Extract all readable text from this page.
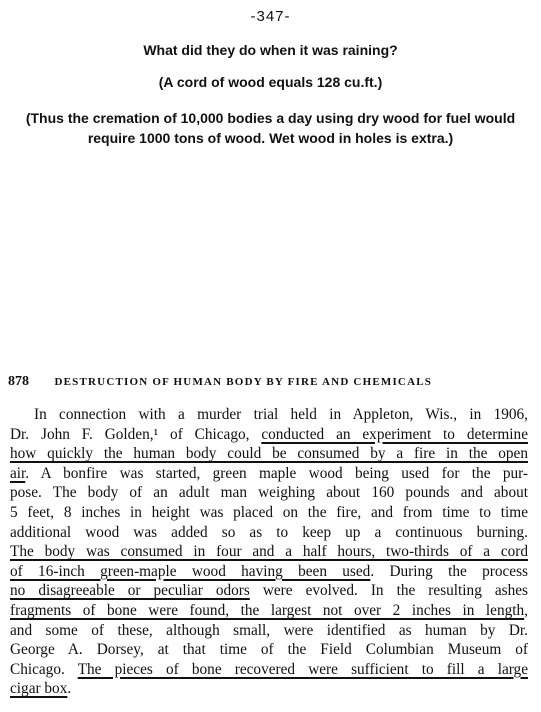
-347-

What did they do when it was raining?

(A cord of wood equals 128 cu.ft.)

(Thus the cremation of 10,000 bodies a day using dry wood for fuel would
require 1000 tons of wood. Wet wood in holes is extra.)
878 DESTRUCTION OF HUMAN BODY BY FIRE AND CHEMICALS
In connection with a murder trial held in Appleton, Wis., in 1906,
Dr. John F. Golden,¹ of Chicago, conducted an experiment to determine
how quickly the human body could be consumed by a fire in the open
air. A bonfire was started, green maple wood being used for the pur-
pose. The body of an adult man weighing about 160 pounds and about
5 feet, 8 inches in height was placed on the fire, and from time to time
additional wood was added so as to keep up a continuous burning.
The body was consumed in four and a half hours, two-thirds of a cord
of 16-inch green-maple wood having been used. During the process
no disagreeable or peculiar odors were evolved. In the resulting ashes
fragments of bone were found, the largest not over 2 inches in length,
and some of these, although small, were identified as human by Dr.
George A. Dorsey, at that time of the Field Columbian Museum of
Chicago. The pieces of bone recovered were sufficient to fill a large
cigar box.
